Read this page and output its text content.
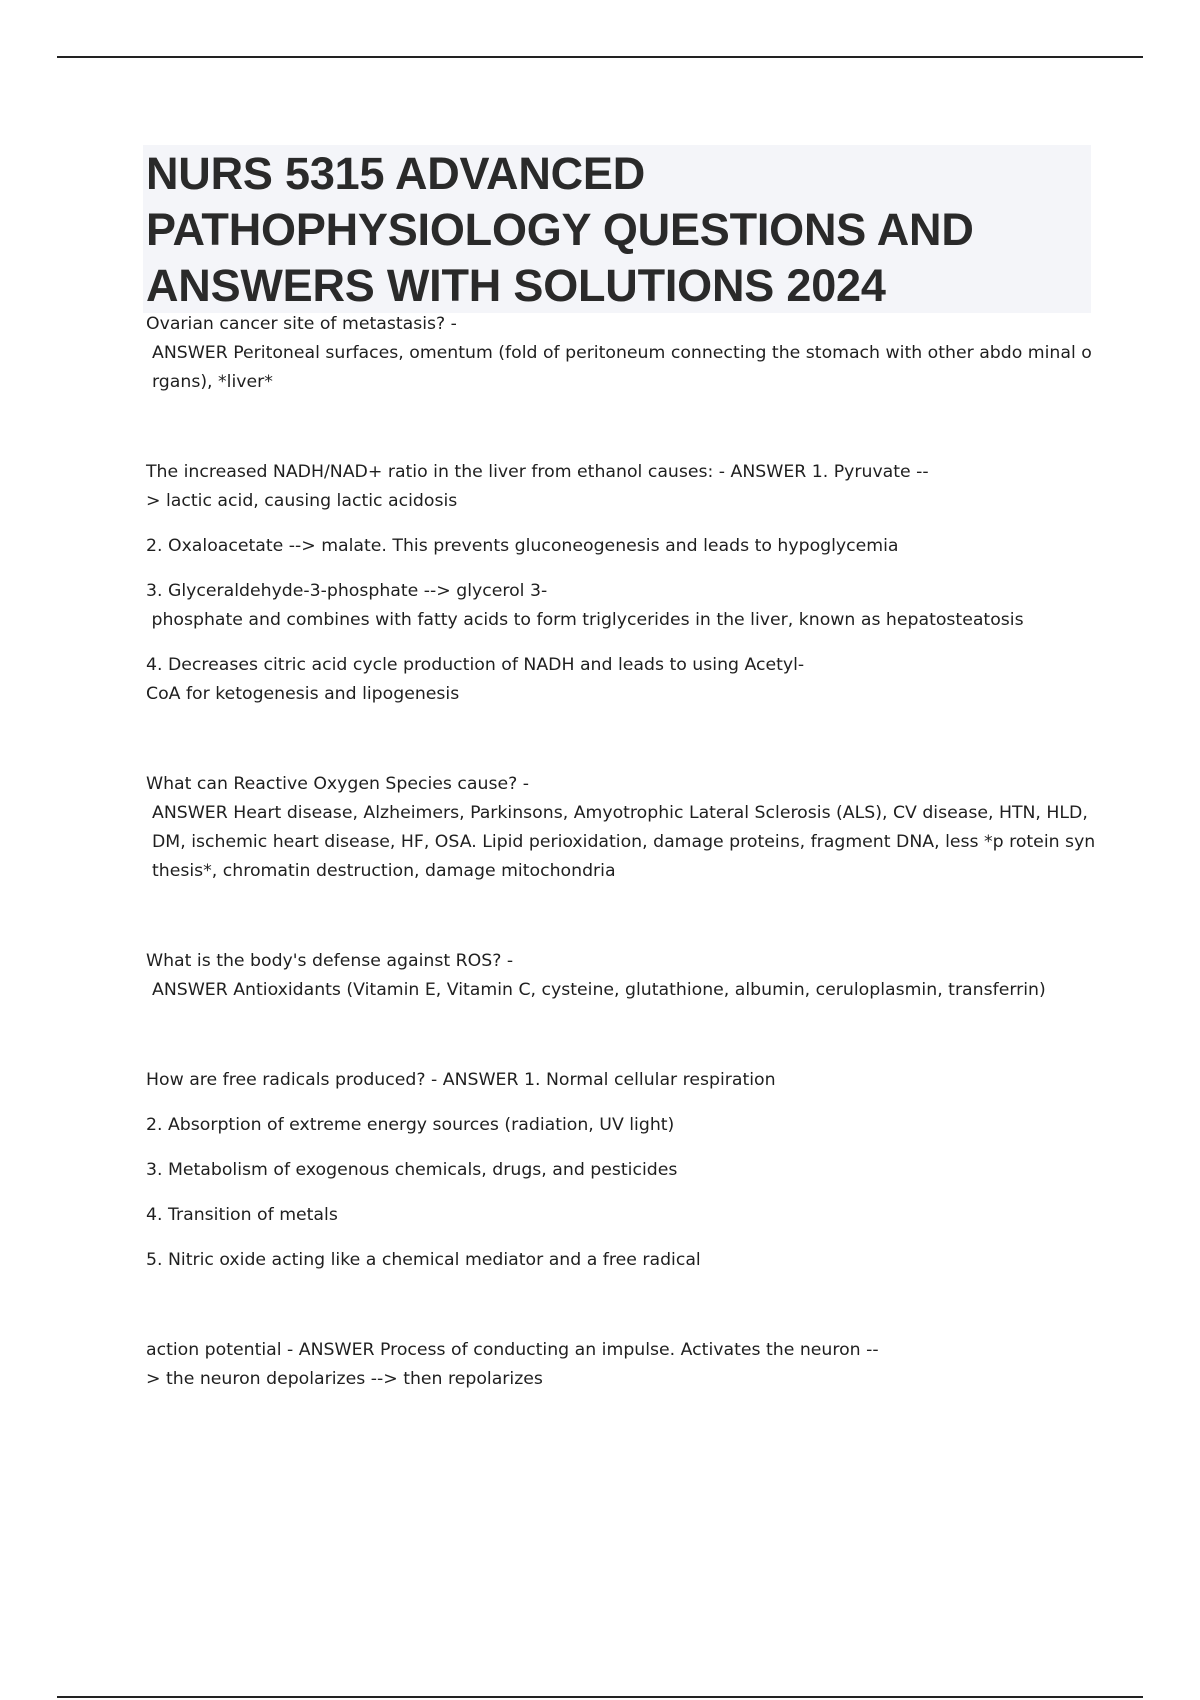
NURS 5315 ADVANCED PATHOPHYSIOLOGY QUESTIONS AND ANSWERS WITH SOLUTIONS 2024

Ovarian cancer site of metastasis? -

ANSWER Peritoneal surfaces, omentum (fold of peritoneum connecting the stomach with other abdo minal organs), *liver*

The increased NADH/NAD+ ratio in the liver from ethanol causes: - ANSWER 1. Pyruvate --
> lactic acid, causing lactic acidosis

2. Oxaloacetate --> malate. This prevents gluconeogenesis and leads to hypoglycemia

3. Glyceraldehyde-3-phosphate --> glycerol 3-
phosphate and combines with fatty acids to form triglycerides in the liver, known as hepatosteatosis

4. Decreases citric acid cycle production of NADH and leads to using Acetyl-
CoA for ketogenesis and lipogenesis

What can Reactive Oxygen Species cause? -

ANSWER Heart disease, Alzheimers, Parkinsons, Amyotrophic Lateral Sclerosis (ALS), CV disease, HTN, HLD, DM, ischemic heart disease, HF, OSA. Lipid perioxidation, damage proteins, fragment DNA, less *p rotein synthesis*, chromatin destruction, damage mitochondria

What is the body's defense against ROS? -

ANSWER Antioxidants (Vitamin E, Vitamin C, cysteine, glutathione, albumin, ceruloplasmin, transferrin)

How are free radicals produced? - ANSWER 1. Normal cellular respiration

2. Absorption of extreme energy sources (radiation, UV light)

3. Metabolism of exogenous chemicals, drugs, and pesticides

4. Transition of metals

5. Nitric oxide acting like a chemical mediator and a free radical

action potential - ANSWER Process of conducting an impulse. Activates the neuron --
> the neuron depolarizes --> then repolarizes
